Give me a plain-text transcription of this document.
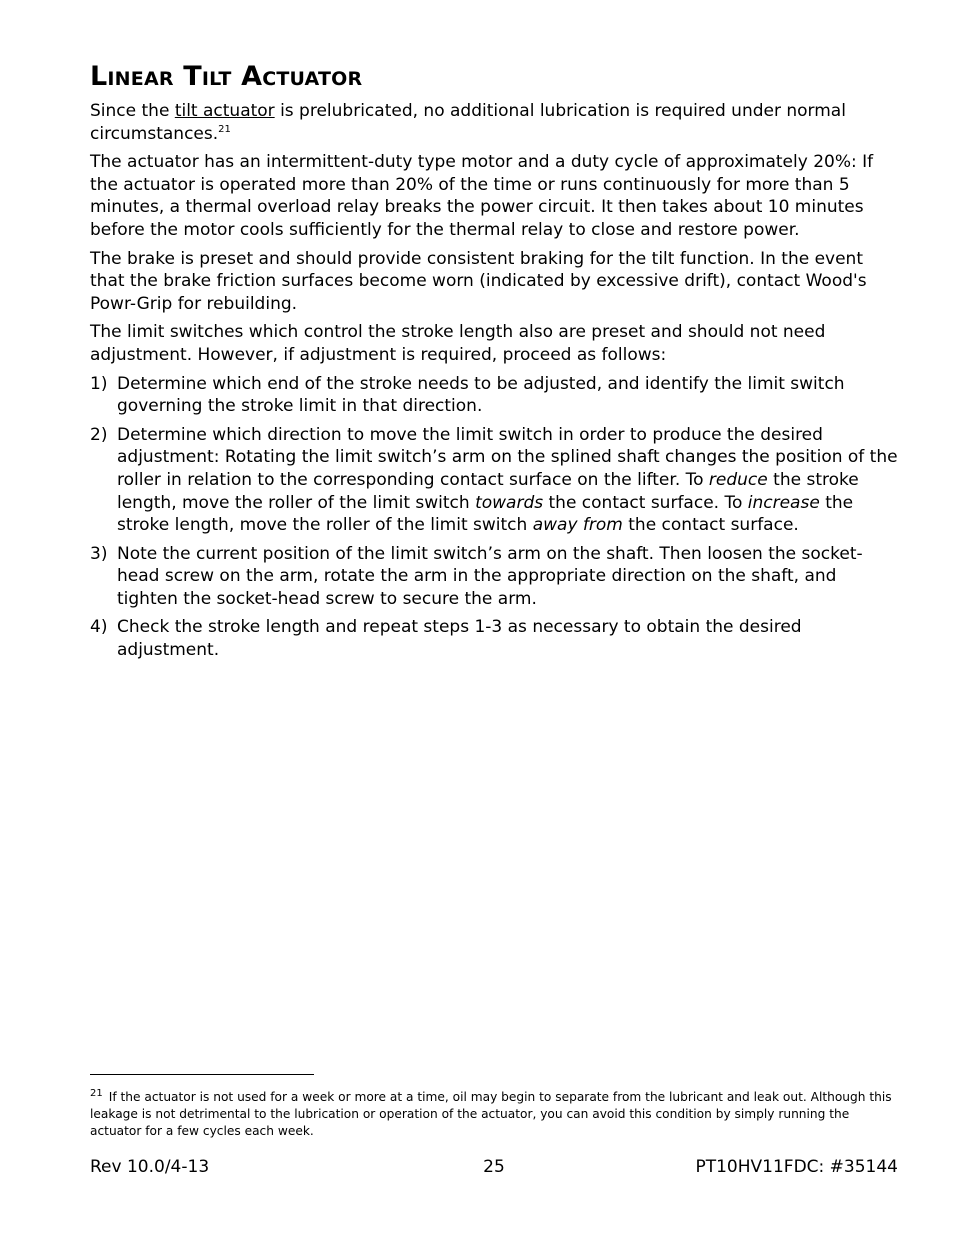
Linear Tilt Actuator

Since the tilt actuator is prelubricated, no additional lubrication is required under normal circumstances.$^{21}$

The actuator has an intermittent-duty type motor and a duty cycle of approximately 20%: If the actuator is operated more than 20% of the time or runs continuously for more than 5 minutes, a thermal overload relay breaks the power circuit. It then takes about 10 minutes before the motor cools sufficiently for the thermal relay to close and restore power.

The brake is preset and should provide consistent braking for the tilt function. In the event that the brake friction surfaces become worn (indicated by excessive drift), contact Wood's Powr-Grip for rebuilding.

The limit switches which control the stroke length also are preset and should not need adjustment. However, if adjustment is required, proceed as follows:

1) Determine which end of the stroke needs to be adjusted, and identify the limit switch governing the stroke limit in that direction.
2) Determine which direction to move the limit switch in order to produce the desired adjustment: Rotating the limit switch’s arm on the splined shaft changes the position of the roller in relation to the corresponding contact surface on the lifter. To reduce the stroke length, move the roller of the limit switch towards the contact surface. To increase the stroke length, move the roller of the limit switch away from the contact surface.
3) Note the current position of the limit switch’s arm on the shaft. Then loosen the socket-head screw on the arm, rotate the arm in the appropriate direction on the shaft, and tighten the socket-head screw to secure the arm.
4) Check the stroke length and repeat steps 1-3 as necessary to obtain the desired adjustment.
$^{21}$ If the actuator is not used for a week or more at a time, oil may begin to separate from the lubricant and leak out. Although this leakage is not detrimental to the lubrication or operation of the actuator, you can avoid this condition by simply running the actuator for a few cycles each week.
Rev 10.0/4-13	25	PT10HV11FDC: #35144
